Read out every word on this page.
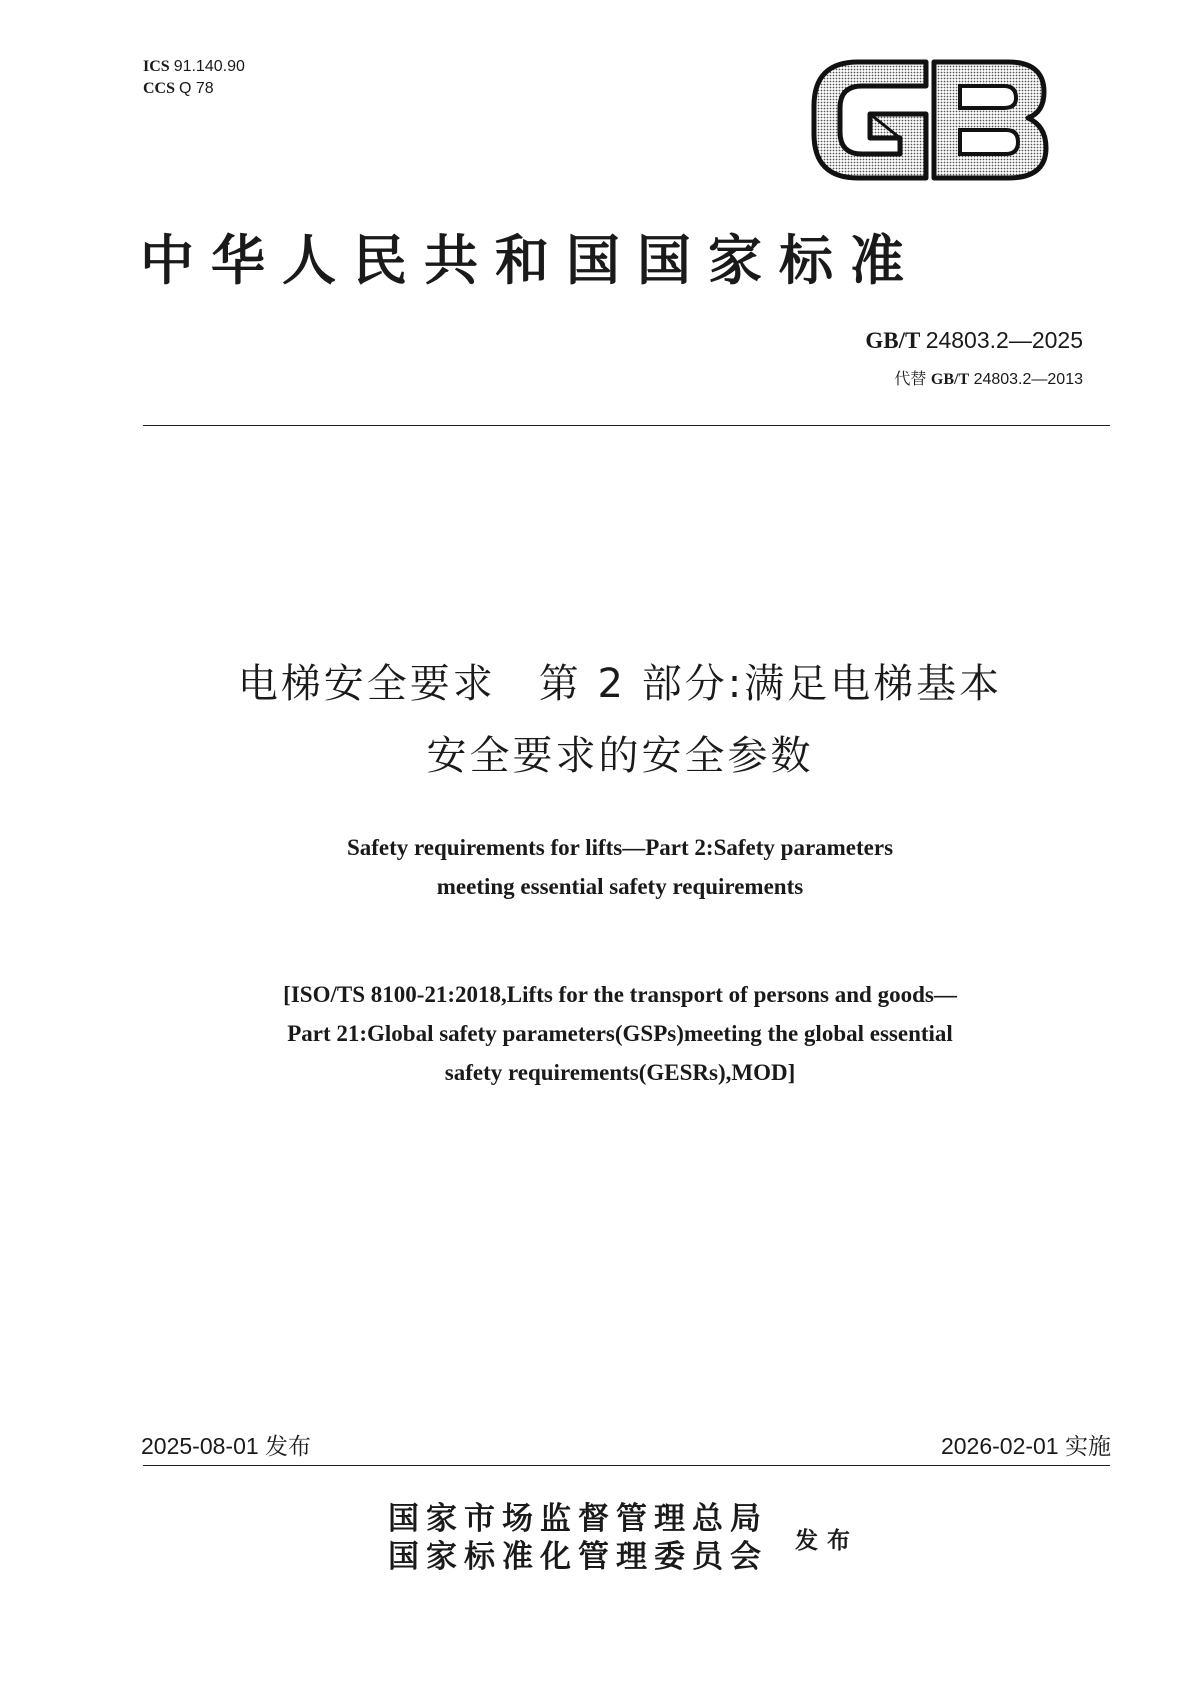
ICS 91.140.90
CCS Q 78
中华人民共和国国家标准
GB/T 24803.2—2025
代替 GB/T 24803.2—2013
电梯安全要求　第 2 部分:满足电梯基本
安全要求的安全参数
Safety requirements for lifts—Part 2:Safety parameters
meeting essential safety requirements
[ISO/TS 8100-21:2018,Lifts for the transport of persons and goods—
Part 21:Global safety parameters(GSPs)meeting the global essential
safety requirements(GESRs),MOD]
2025-08-01 发布	2026-02-01 实施
国家市场监督管理总局
国家标准化管理委员会 发布
